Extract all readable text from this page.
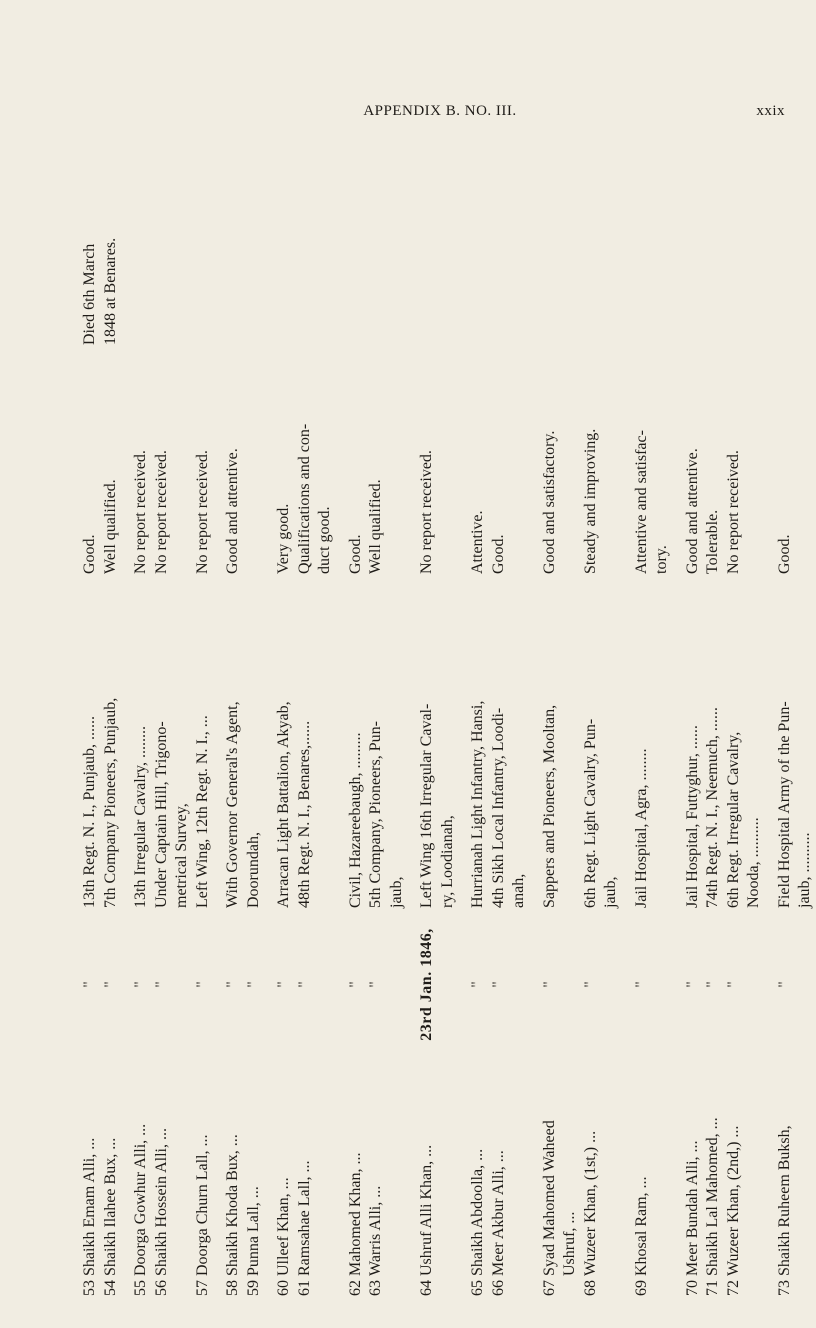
APPENDIX B. NO. III.	xxix
53	Shaikh Emam Alli, ...	"	13th Regt. N. I., Punjaub, ......	Good.	Died 6th March
54	Shaikh Ilahee Bux, ...	"	7th Company Pioneers, Punjaub,	Well qualified.	1848 at Benares.

55	Doorga Gowhur Alli, ...	"	13th Irregular Cavalry, ........	No report received.	
56	Shaikh Hossein Alli, ...	"	Under Captain Hill, Trigono-	No report received.	
			metrical Survey,		
57	Doorga Churn Lall, ...	"	Left Wing, 12th Regt. N. I., ...	No report received.	

58	Shaikh Khoda Bux, ...	"	With Governor General's Agent,	Good and attentive.	
59	Punna Lall, ...	"	Doorundah,		

60	Ulleef Khan, ...	"	Arracan Light Battalion, Akyab,	Very good.	
61	Ramsahae Lall, ...	"	48th Regt. N. I., Benares,......	Qualifications and con-	
				duct good.	

62	Mahomed Khan, ...	"	Civil, Hazareebaugh, .........	Good.	
63	Warris Alli, ...	"	5th Company, Pioneers, Pun-	Well qualified.	
			jaub,		

64	Ushruf Alli Khan, ...	23rd Jan. 1846,	Left Wing 16th Irregular Caval-	No report received.	
			ry, Loodianah,		

65	Shaikh Abdoolla, ...	"	Hurrianah Light Infantry, Hansi,	Attentive.	
66	Meer Akbur Alli, ...	"	4th Sikh Local Infantry, Loodi-	Good.	
			anah,		

67	Syad Mahomed Waheed	"	Sappers and Pioneers, Mooltan,	Good and satisfactory.	
	Ushruf, ...				
68	Wuzeer Khan, (1st,) ...	"	6th Regt. Light Cavalry, Pun-	Steady and improving.	
			jaub,		

69	Khosal Ram, ...	"	Jail Hospital, Agra, ........	Attentive and satisfac-	
				tory.	

70	Meer Bundah Alli, ...	"	Jail Hospital, Futtyghur, ......	Good and attentive.	
71	Shaikh Lal Mahomed, ...	"	74th Regt. N. I., Neemuch, ......	Tolerable.	
72	Wuzeer Khan, (2nd,) ...	"	6th Regt. Irregular Cavalry,	No report received.	
			Nooda, ..........		

73	Shaikh Ruheem Buksh,	"	Field Hospital Army of the Pun-	Good.	
			jaub, ..........		
